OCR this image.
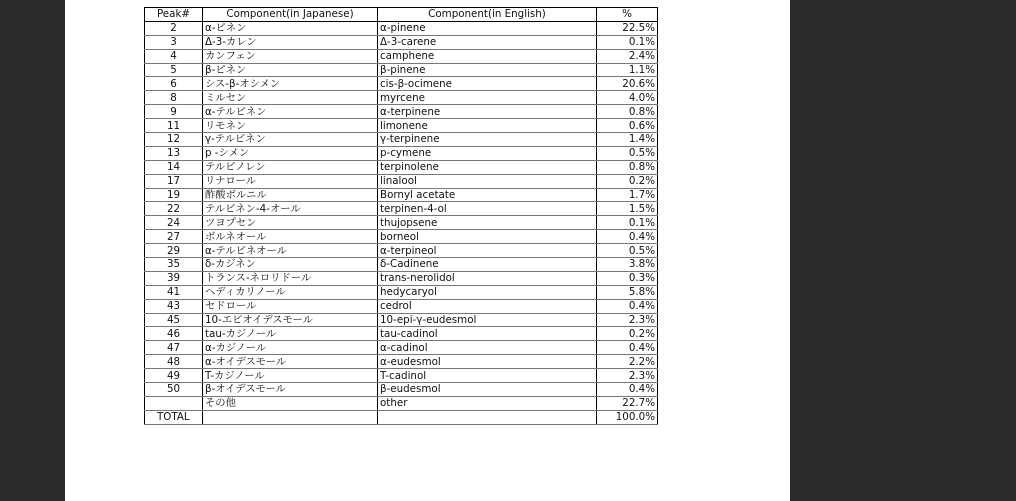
Peak#	Component(in Japanese)	Component(in English)	%
2	α-ピネン	α-pinene	22.5%
3	Δ-3-カレン	Δ-3-carene	0.1%
4	カンフェン	camphene	2.4%
5	β-ピネン	β-pinene	1.1%
6	シス-β-オシメン	cis-β-ocimene	20.6%
8	ミルセン	myrcene	4.0%
9	α-テルピネン	α-terpinene	0.8%
11	リモネン	limonene	0.6%
12	γ-テルピネン	γ-terpinene	1.4%
13	p -シメン	p-cymene	0.5%
14	テルピノレン	terpinolene	0.8%
17	リナロール	linalool	0.2%
19	酢酸ボルニル	Bornyl acetate	1.7%
22	テルピネン-4-オール	terpinen-4-ol	1.5%
24	ツヨプセン	thujopsene	0.1%
27	ボルネオール	borneol	0.4%
29	α-テルピネオール	α-terpineol	0.5%
35	δ-カジネン	δ-Cadinene	3.8%
39	トランス-ネロリドール	trans-nerolidol	0.3%
41	ヘディカリノール	hedycaryol	5.8%
43	セドロール	cedrol	0.4%
45	10-エピオイデスモール	10-epi-γ-eudesmol	2.3%
46	tau-カジノール	tau-cadinol	0.2%
47	α-カジノール	α-cadinol	0.4%
48	α-オイデスモール	α-eudesmol	2.2%
49	T-カジノール	T-cadinol	2.3%
50	β-オイデスモール	β-eudesmol	0.4%
	その他	other	22.7%
TOTAL			100.0%
